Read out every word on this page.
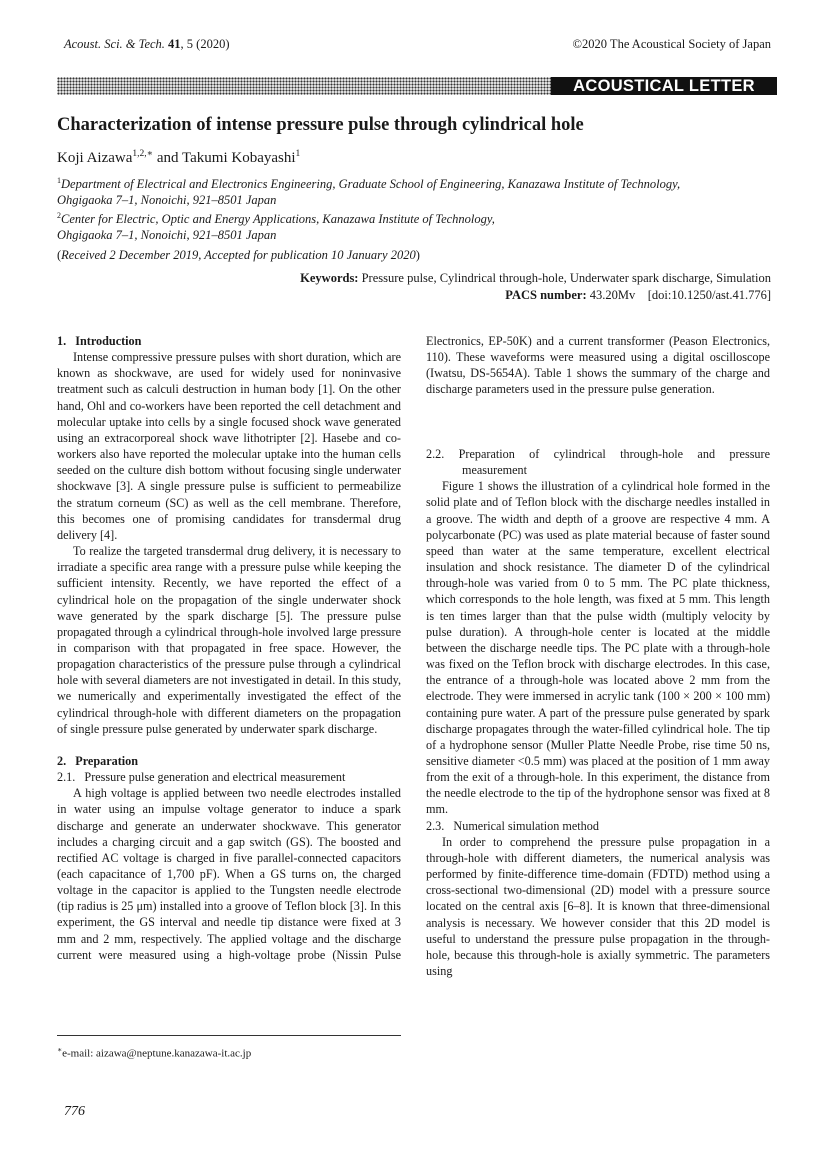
Acoust. Sci. & Tech. 41, 5 (2020)	©2020 The Acoustical Society of Japan
ACOUSTICAL LETTER
Characterization of intense pressure pulse through cylindrical hole
Koji Aizawa$^{1,2,∗}$ and Takumi Kobayashi$^1$
$^1$Department of Electrical and Electronics Engineering, Graduate School of Engineering, Kanazawa Institute of Technology,
Ohgigaoka 7–1, Nonoichi, 921–8501 Japan
$^2$Center for Electric, Optic and Energy Applications, Kanazawa Institute of Technology,
Ohgigaoka 7–1, Nonoichi, 921–8501 Japan
(Received 2 December 2019, Accepted for publication 10 January 2020)
Keywords: Pressure pulse, Cylindrical through-hole, Underwater spark discharge, Simulation
PACS number: 43.20Mv    [doi:10.1250/ast.41.776]
1.   Introduction

Intense compressive pressure pulses with short duration, which are known as shockwave, are used for widely used for noninvasive treatment such as calculi destruction in human body [1]. On the other hand, Ohl and co-workers have been reported the cell detachment and molecular uptake into cells by a single focused shock wave generated using an extracorporeal shock wave lithotripter [2]. Hasebe and co-workers also have reported the molecular uptake into the human cells seeded on the culture dish bottom without focusing single underwater shockwave [3]. A single pressure pulse is sufficient to permeabilize the stratum corneum (SC) as well as the cell membrane. Therefore, this becomes one of promising candidates for transdermal drug delivery [4].

To realize the targeted transdermal drug delivery, it is necessary to irradiate a specific area range with a pressure pulse while keeping the sufficient intensity. Recently, we have reported the effect of a cylindrical hole on the propagation of the single underwater shock wave generated by the spark discharge [5]. The pressure pulse propagated through a cylindrical through-hole involved large pressure in comparison with that propagated in free space. However, the propagation characteristics of the pressure pulse through a cylindrical hole with several diameters are not investigated in detail. In this study, we numerically and experimentally investigated the effect of the cylindrical through-hole with different diameters on the propagation of single pressure pulse generated by underwater spark discharge.

2.   Preparation
2.1.   Pressure pulse generation and electrical measurement

A high voltage is applied between two needle electrodes installed in water using an impulse voltage generator to induce a spark discharge and generate an underwater shockwave. This generator includes a charging circuit and a gap switch (GS). The boosted and rectified AC voltage is charged in five parallel-connected capacitors (each capacitance of 1,700 pF). When a GS turns on, the charged voltage in the capacitor is applied to the Tungsten needle electrode (tip radius is 25 μm) installed into a groove of Teflon block [3]. In this experiment, the GS interval and needle tip distance were fixed at 3 mm and 2 mm, respectively. The applied voltage and the discharge current were measured using a high-voltage probe (Nissin Pulse

Electronics, EP-50K) and a current transformer (Peason Electronics, 110). These waveforms were measured using a digital oscilloscope (Iwatsu, DS-5654A). Table 1 shows the summary of the charge and discharge parameters used in the pressure pulse generation.

2.2. Preparation of cylindrical through-hole and pressure measurement

Figure 1 shows the illustration of a cylindrical hole formed in the solid plate and of Teflon block with the discharge needles installed in a groove. The width and depth of a groove are respective 4 mm. A polycarbonate (PC) was used as plate material because of faster sound speed than water at the same temperature, excellent electrical insulation and shock resistance. The diameter D of the cylindrical through-hole was varied from 0 to 5 mm. The PC plate thickness, which corresponds to the hole length, was fixed at 5 mm. This length is ten times larger than that the pulse width (multiply velocity by pulse duration). A through-hole center is located at the middle between the discharge needle tips. The PC plate with a through-hole was fixed on the Teflon brock with discharge electrodes. In this case, the entrance of a through-hole was located above 2 mm from the electrode. They were immersed in acrylic tank (100 × 200 × 100 mm) containing pure water. A part of the pressure pulse generated by spark discharge propagates through the water-filled cylindrical hole. The tip of a hydrophone sensor (Muller Platte Needle Probe, rise time 50 ns, sensitive diameter <0.5 mm) was placed at the position of 1 mm away from the exit of a through-hole. In this experiment, the distance from the needle electrode to the tip of the hydrophone sensor was fixed at 8 mm.

2.3.   Numerical simulation method

In order to comprehend the pressure pulse propagation in a through-hole with different diameters, the numerical analysis was performed by finite-difference time-domain (FDTD) method using a cross-sectional two-dimensional (2D) model with a pressure source located on the central axis [6–8]. It is known that three-dimensional analysis is necessary. We however consider that this 2D model is useful to understand the pressure pulse propagation in the through-hole, because this through-hole is axially symmetric. The parameters using

∗e-mail: aizawa@neptune.kanazawa-it.ac.jp
776
